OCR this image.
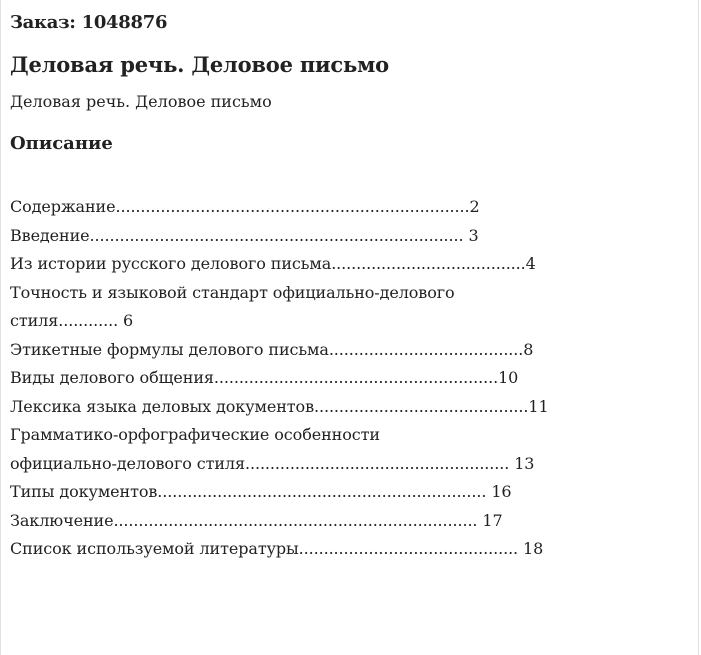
Заказ: 1048876
Деловая речь. Деловое письмо
Деловая речь. Деловое письмо
Описание
Содержание.......................................................................2
Введение........................................................................... 3
Из истории русского делового письма.......................................4
Точность и языковой стандарт официально-делового
стиля............ 6
Этикетные формулы делового письма.......................................8
Виды делового общения.........................................................10
Лексика языка деловых документов...........................................11
Грамматико-орфографические особенности
официально-делового стиля..................................................... 13
Типы документов.................................................................. 16
Заключение......................................................................... 17
Список используемой литературы............................................ 18
